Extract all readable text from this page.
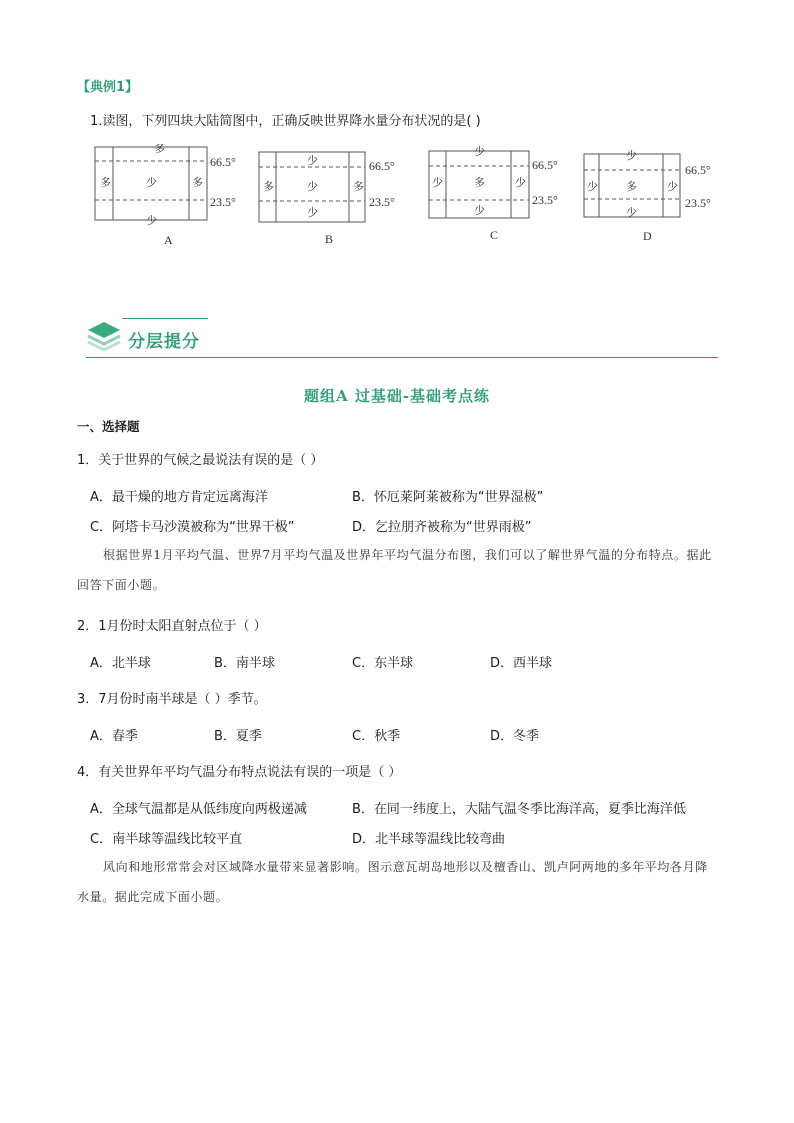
【典例1】
1.读图，下列四块大陆简图中，正确反映世界降水量分布状况的是( )
多
多	少	多
少
66.5°
23.5°
A
少
多	少	多
少
66.5°
23.5°
B
少
少	多	少
少
66.5°
23.5°
C
少
少	多	少
少
66.5°
23.5°
D
分层提分
题组A 过基础-基础考点练
一、选择题
1．关于世界的气候之最说法有误的是（ ）
A．最干燥的地方肯定远离海洋	B．怀厄莱阿莱被称为“世界湿极”
C．阿塔卡马沙漠被称为“世界干极”	D．乞拉朋齐被称为“世界雨极”
根据世界1月平均气温、世界7月平均气温及世界年平均气温分布图，我们可以了解世界气温的分布特点。据此回答下面小题。
2．1月份时太阳直射点位于（ ）
A．北半球	B．南半球	C．东半球	D．西半球
3．7月份时南半球是（ ）季节。
A．春季	B．夏季	C．秋季	D．冬季
4．有关世界年平均气温分布特点说法有误的一项是（ ）
A．全球气温都是从低纬度向两极递减	B．在同一纬度上，大陆气温冬季比海洋高，夏季比海洋低
C．南半球等温线比较平直	D．北半球等温线比较弯曲
风向和地形常常会对区域降水量带来显著影响。图示意瓦胡岛地形以及檀香山、凯卢阿两地的多年平均各月降水量。据此完成下面小题。
